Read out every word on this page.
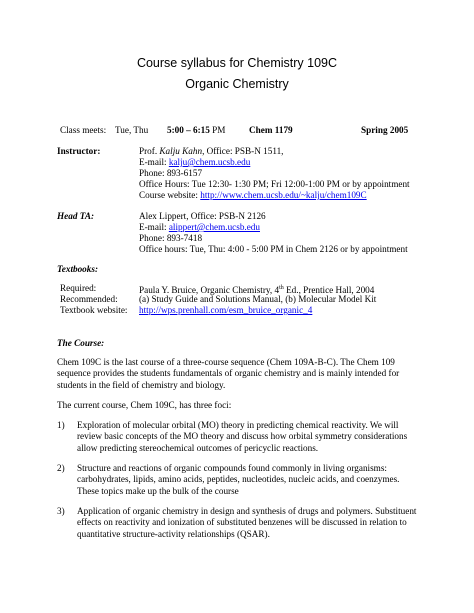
Course syllabus for Chemistry 109C
Organic Chemistry
Class meets: Tue, Thu 5:00 – 6:15 PM	Chem 1179	Spring 2005
Instructor:	Prof. Kalju Kahn, Office: PSB-N 1511,
E-mail: kalju@chem.ucsb.edu
Phone: 893-6157
Office Hours: Tue 12:30- 1:30 PM; Fri 12:00-1:00 PM or by appointment
Course website: http://www.chem.ucsb.edu/~kalju/chem109C
Head TA:	Alex Lippert, Office: PSB-N 2126
E-mail: alippert@chem.ucsb.edu
Phone: 893-7418
Office hours: Tue, Thu: 4:00 - 5:00 PM in Chem 2126 or by appointment
Textbooks:
Required:	Paula Y. Bruice, Organic Chemistry, 4th Ed., Prentice Hall, 2004
Recommended: (a) Study Guide and Solutions Manual, (b) Molecular Model Kit
Textbook website: http://wps.prenhall.com/esm_bruice_organic_4
The Course:
Chem 109C is the last course of a three-course sequence (Chem 109A-B-C). The Chem 109 sequence provides the students fundamentals of organic chemistry and is mainly intended for students in the field of chemistry and biology.
The current course, Chem 109C, has three foci:
1) Exploration of molecular orbital (MO) theory in predicting chemical reactivity. We will review basic concepts of the MO theory and discuss how orbital symmetry considerations allow predicting stereochemical outcomes of pericyclic reactions.
2) Structure and reactions of organic compounds found commonly in living organisms: carbohydrates, lipids, amino acids, peptides, nucleotides, nucleic acids, and coenzymes. These topics make up the bulk of the course
3) Application of organic chemistry in design and synthesis of drugs and polymers. Substituent effects on reactivity and ionization of substituted benzenes will be discussed in relation to quantitative structure-activity relationships (QSAR).
